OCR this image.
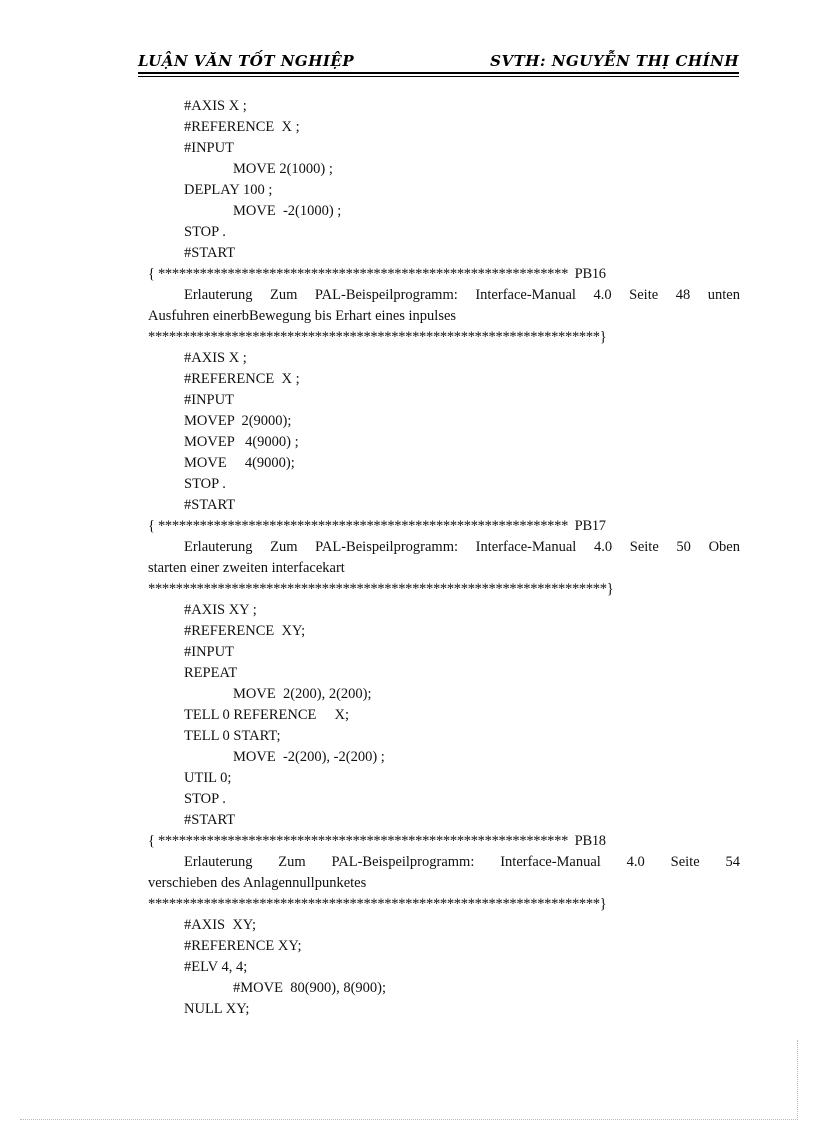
LUẬN VĂN TỐT NGHIỆP	SVTH: NGUYỄN THỊ CHÍNH
#AXIS X ;
#REFERENCE  X ;
#INPUT
MOVE 2(1000) ;
DEPLAY 100 ;
MOVE  -2(1000) ;
STOP .
#START
{ ***********************************************************  PB16
Erlauterung Zum PAL-Beispeilprogramm: Interface-Manual 4.0 Seite 48 unten
Ausfuhren einerbBewegung bis Erhart eines inpulses
*****************************************************************}
#AXIS X ;
#REFERENCE  X ;
#INPUT
MOVEP  2(9000);
MOVEP   4(9000) ;
MOVE     4(9000);
STOP .
#START
{ ***********************************************************  PB17
Erlauterung Zum PAL-Beispeilprogramm: Interface-Manual 4.0 Seite 50 Oben
starten einer zweiten interfacekart
******************************************************************}
#AXIS XY ;
#REFERENCE  XY;
#INPUT
REPEAT
MOVE  2(200), 2(200);
TELL 0 REFERENCE     X;
TELL 0 START;
MOVE  -2(200), -2(200) ;
UTIL 0;
STOP .
#START
{ ***********************************************************  PB18
Erlauterung Zum PAL-Beispeilprogramm: Interface-Manual 4.0 Seite 54
verschieben des Anlagennullpunketes
*****************************************************************}
#AXIS  XY;
#REFERENCE XY;
#ELV 4, 4;
#MOVE  80(900), 8(900);
NULL XY;
